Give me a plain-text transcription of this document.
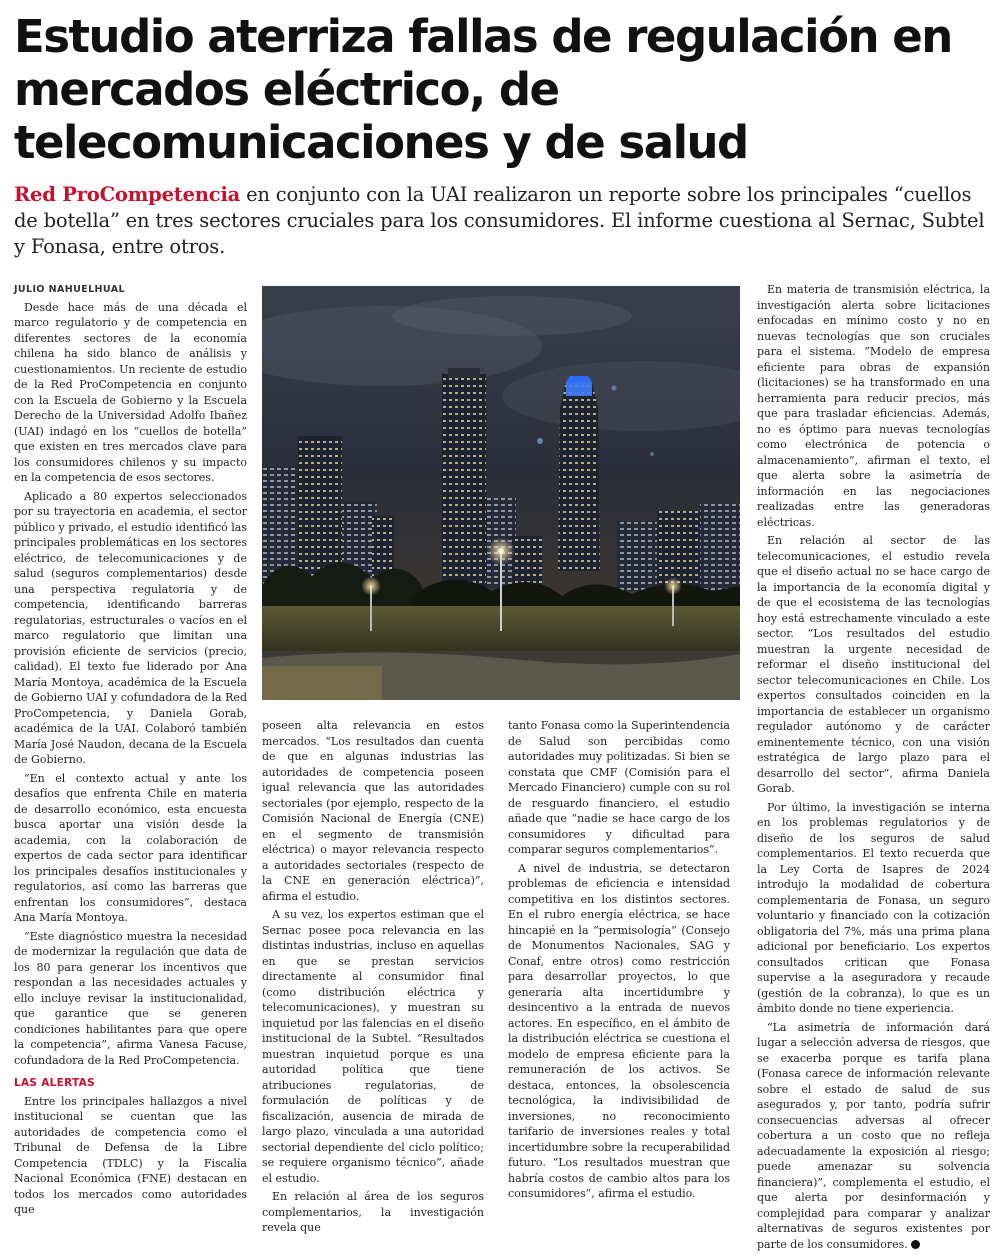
Estudio aterriza fallas de regulación en mercados eléctrico, de telecomunicaciones y de salud

Red ProCompetencia en conjunto con la UAI realizaron un reporte sobre los principales “cuellos de botella” en tres sectores cruciales para los consumidores. El informe cuestiona al Sernac, Subtel y Fonasa, entre otros.

JULIO NAHUELHUAL

Desde hace más de una década el marco regulatorio y de competencia en diferentes sectores de la economía chilena ha sido blanco de análisis y cuestionamientos. Un reciente de estudio de la Red ProCompetencia en conjunto con la Escuela de Gobierno y la Escuela Derecho de la Universidad Adolfo Ibañez (UAI) indagó en los “cuellos de botella” que existen en tres mercados clave para los consumidores chilenos y su impacto en la competencia de esos sectores.

Aplicado a 80 expertos seleccionados por su trayectoria en academia, el sector público y privado, el estudio identificó las principales problemáticas en los sectores eléctrico, de telecomunicaciones y de salud (seguros complementarios) desde una perspectiva regulatoria y de competencia, identificando barreras regulatorias, estructurales o vacíos en el marco regulatorio que limitan una provisión eficiente de servicios (precio, calidad). El texto fue liderado por Ana María Montoya, académica de la Escuela de Gobierno UAI y cofundadora de la Red ProCompetencia, y Daniela Gorab, académica de la UAI. Colaboró también María José Naudon, decana de la Escuela de Gobierno.

“En el contexto actual y ante los desafíos que enfrenta Chile en materia de desarrollo económico, esta encuesta busca aportar una visión desde la academia, con la colaboración de expertos de cada sector para identificar los principales desafíos institucionales y regulatorios, así como las barreras que enfrentan los consumidores”, destaca Ana María Montoya.

“Este diagnóstico muestra la necesidad de modernizar la regulación que data de los 80 para generar los incentivos que respondan a las necesidades actuales y ello incluye revisar la institucionalidad, que garantice que se generen condiciones habilitantes para que opere la competencia”, afirma Vanesa Facuse, cofundadora de la Red ProCompetencia.

LAS ALERTAS

Entre los principales hallazgos a nivel institucional se cuentan que las autoridades de competencia como el Tribunal de Defensa de la Libre Competencia (TDLC) y la Fiscalía Nacional Económica (FNE) destacan en todos los mercados como autoridades que

poseen alta relevancia en estos mercados. “Los resultados dan cuenta de que en algunas industrias las autoridades de competencia poseen igual relevancia que las autoridades sectoriales (por ejemplo, respecto de la Comisión Nacional de Energía (CNE) en el segmento de transmisión eléctrica) o mayor relevancia respecto a autoridades sectoriales (respecto de la CNE en generación eléctrica)”, afirma el estudio.

A su vez, los expertos estiman que el Sernac posee poca relevancia en las distintas industrias, incluso en aquellas en que se prestan servicios directamente al consumidor final (como distribución eléctrica y telecomunicaciones), y muestran su inquietud por las falencias en el diseño institucional de la Subtel. “Resultados muestran inquietud porque es una autoridad política que tiene atribuciones regulatorias, de formulación de políticas y de fiscalización, ausencia de mirada de largo plazo, vinculada a una autoridad sectorial dependiente del ciclo político; se requiere organismo técnico”, añade el estudio.

En relación al área de los seguros complementarios, la investigación revela que

tanto Fonasa como la Superintendencia de Salud son percibidas como autoridades muy politizadas. Si bien se constata que CMF (Comisión para el Mercado Financiero) cumple con su rol de resguardo financiero, el estudio añade que “nadie se hace cargo de los consumidores y dificultad para comparar seguros complementarios”.

A nivel de industria, se detectaron problemas de eficiencia e intensidad competitiva en los distintos sectores. En el rubro energía eléctrica, se hace hincapié en la “permisología” (Consejo de Monumentos Nacionales, SAG y Conaf, entre otros) como restricción para desarrollar proyectos, lo que generaría alta incertidumbre y desincentivo a la entrada de nuevos actores. En específico, en el ámbito de la distribución eléctrica se cuestiona el modelo de empresa eficiente para la remuneración de los activos. Se destaca, entonces, la obsolescencia tecnológica, la indivisibilidad de inversiones, no reconocimiento tarifario de inversiones reales y total incertidumbre sobre la recuperabilidad futuro. “Los resultados muestran que habría costos de cambio altos para los consumidores”, afirma el estudio.

En materia de transmisión eléctrica, la investigación alerta sobre licitaciones enfocadas en mínimo costo y no en nuevas tecnologías que son cruciales para el sistema. “Modelo de empresa eficiente para obras de expansión (licitaciones) se ha transformado en una herramienta para reducir precios, más que para trasladar eficiencias. Además, no es óptimo para nuevas tecnologías como electrónica de potencia o almacenamiento”, afirman el texto, el que alerta sobre la asimetría de información en las negociaciones realizadas entre las generadoras eléctricas.

En relación al sector de las telecomunicaciones, el estudio revela que el diseño actual no se hace cargo de la importancia de la economía digital y de que el ecosistema de las tecnologías hoy está estrechamente vinculado a este sector. “Los resultados del estudio muestran la urgente necesidad de reformar el diseño institucional del sector telecomunicaciones en Chile. Los expertos consultados coinciden en la importancia de establecer un organismo regulador autónomo y de carácter eminentemente técnico, con una visión estratégica de largo plazo para el desarrollo del sector”, afirma Daniela Gorab.

Por último, la investigación se interna en los problemas regulatorios y de diseño de los seguros de salud complementarios. El texto recuerda que la Ley Corta de Isapres de 2024 introdujo la modalidad de cobertura complementaria de Fonasa, un seguro voluntario y financiado con la cotización obligatoria del 7%, más una prima plana adicional por beneficiario. Los expertos consultados critican que Fonasa supervise a la aseguradora y recaude (gestión de la cobranza), lo que es un ámbito donde no tiene experiencia.

“La asimetría de información dará lugar a selección adversa de riesgos, que se exacerba porque es tarifa plana (Fonasa carece de información relevante sobre el estado de salud de sus asegurados y, por tanto, podría sufrir consecuencias adversas al ofrecer cobertura a un costo que no refleja adecuadamente la exposición al riesgo; puede amenazar su solvencia financiera)”, complementa el estudio, el que alerta por desinformación y complejidad para comparar y analizar alternativas de seguros existentes por parte de los consumidores.
